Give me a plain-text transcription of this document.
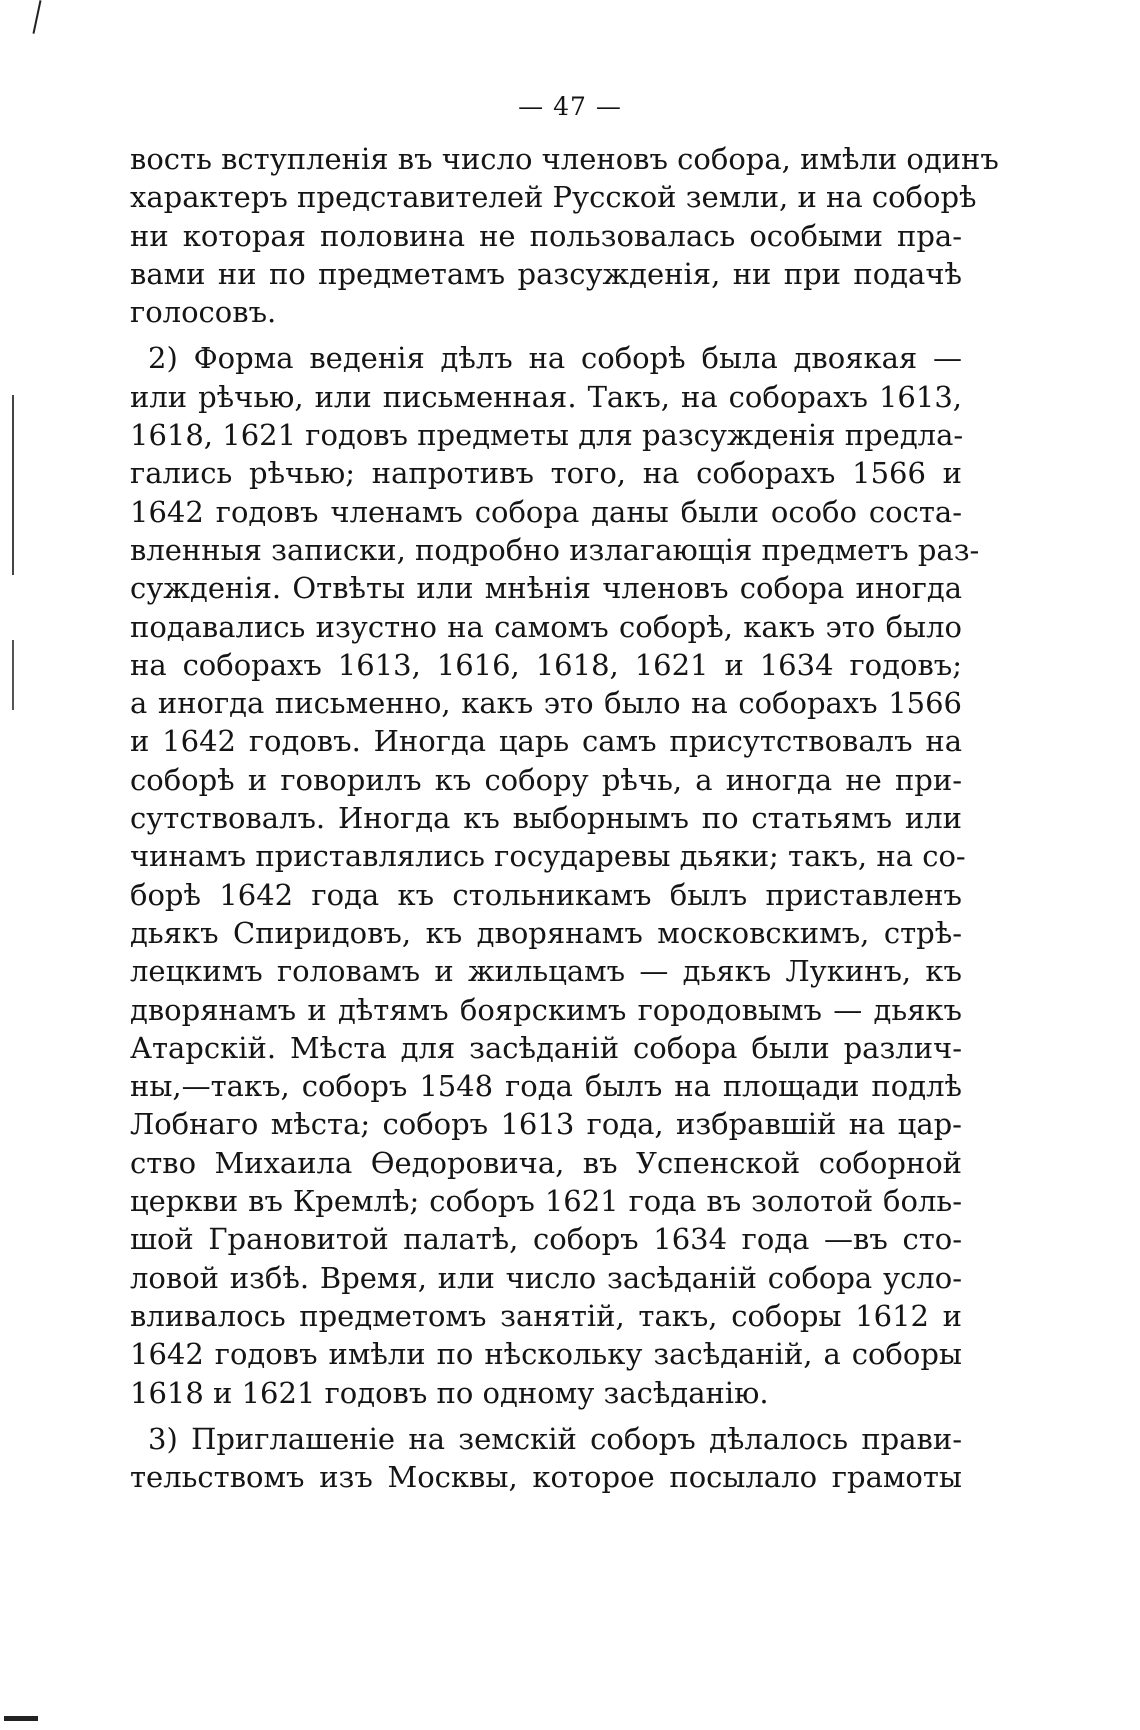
— 47 —
вость вступленія въ число членовъ собора, имѣли одинъ
характеръ представителей Русской земли, и на соборѣ
ни которая половина не пользовалась особыми пра-
вами ни по предметамъ разсужденія, ни при подачѣ
голосовъ.
2) Форма веденія дѣлъ на соборѣ была двоякая —
или рѣчью, или письменная. Такъ, на соборахъ 1613,
1618, 1621 годовъ предметы для разсужденія предла-
гались рѣчью; напротивъ того, на соборахъ 1566 и
1642 годовъ членамъ собора даны были особо соста-
вленныя записки, подробно излагающія предметъ раз-
сужденія. Отвѣты или мнѣнія членовъ собора иногда
подавались изустно на самомъ соборѣ, какъ это было
на соборахъ 1613, 1616, 1618, 1621 и 1634 годовъ;
а иногда письменно, какъ это было на соборахъ 1566
и 1642 годовъ. Иногда царь самъ присутствовалъ на
соборѣ и говорилъ къ собору рѣчь, а иногда не при-
сутствовалъ. Иногда къ выборнымъ по статьямъ или
чинамъ приставлялись государевы дьяки; такъ, на со-
борѣ 1642 года къ стольникамъ былъ приставленъ
дьякъ Спиридовъ, къ дворянамъ московскимъ, стрѣ-
лецкимъ головамъ и жильцамъ — дьякъ Лукинъ, къ
дворянамъ и дѣтямъ боярскимъ городовымъ — дьякъ
Атарскій. Мѣста для засѣданій собора были различ-
ны,—такъ, соборъ 1548 года былъ на площади подлѣ
Лобнаго мѣста; соборъ 1613 года, избравшій на цар-
ство Михаила Ѳедоровича, въ Успенской соборной
церкви въ Кремлѣ; соборъ 1621 года въ золотой боль-
шой Грановитой палатѣ, соборъ 1634 года —въ сто-
ловой избѣ. Время, или число засѣданій собора усло-
вливалось предметомъ занятій, такъ, соборы 1612 и
1642 годовъ имѣли по нѣскольку засѣданій, а соборы
1618 и 1621 годовъ по одному засѣданію.
3) Приглашеніе на земскій соборъ дѣлалось прави-
тельствомъ изъ Москвы, которое посылало грамоты
